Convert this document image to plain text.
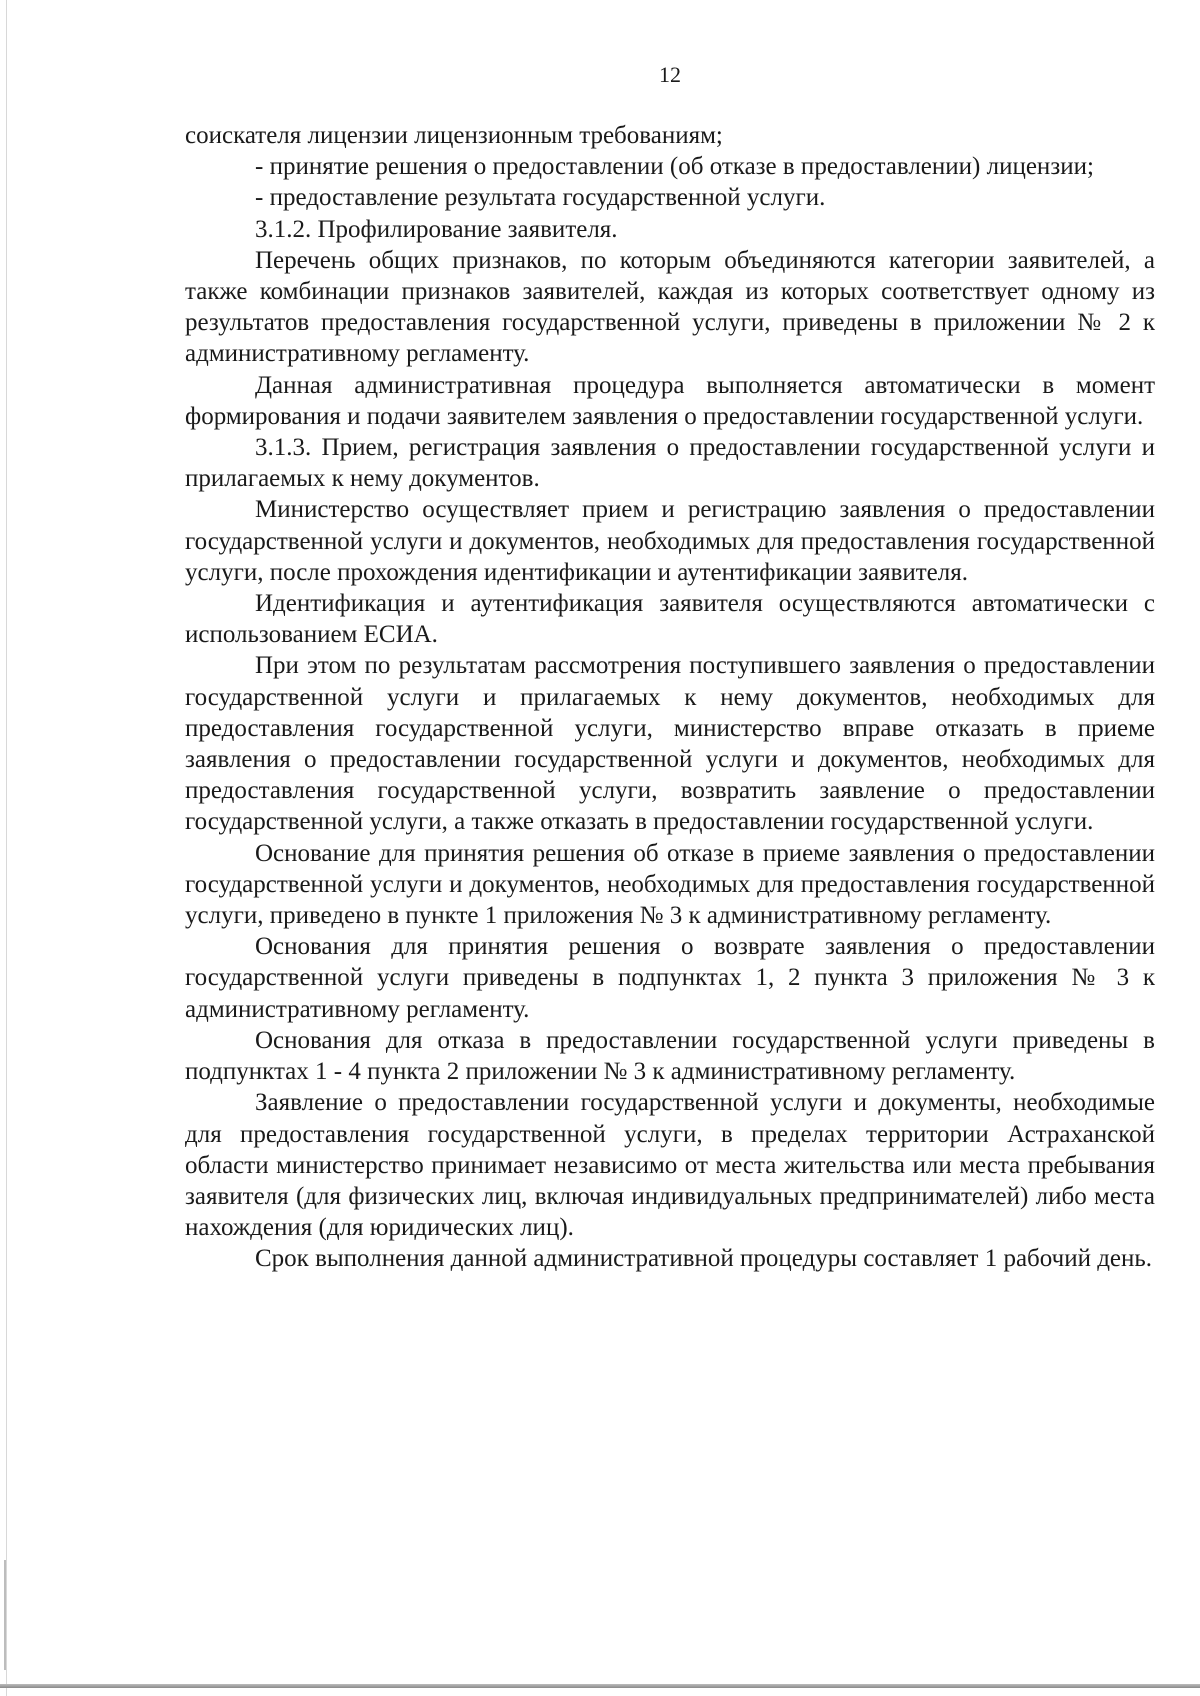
12

соискателя лицензии лицензионным требованиям;

- принятие решения о предоставлении (об отказе в предоставлении) лицензии;

- предоставление результата государственной услуги.

3.1.2. Профилирование заявителя.

Перечень общих признаков, по которым объединяются категории заявителей, а также комбинации признаков заявителей, каждая из которых соответствует одному из результатов предоставления государственной услуги, приведены в приложении № 2 к административному регламенту.

Данная административная процедура выполняется автоматически в момент формирования и подачи заявителем заявления о предоставлении государственной услуги.

3.1.3. Прием, регистрация заявления о предоставлении государственной услуги и прилагаемых к нему документов.

Министерство осуществляет прием и регистрацию заявления о предоставлении государственной услуги и документов, необходимых для предоставления государственной услуги, после прохождения идентификации и аутентификации заявителя.

Идентификация и аутентификация заявителя осуществляются автоматически с использованием ЕСИА.

При этом по результатам рассмотрения поступившего заявления о предоставлении государственной услуги и прилагаемых к нему документов, необходимых для предоставления государственной услуги, министерство вправе отказать в приеме заявления о предоставлении государственной услуги и документов, необходимых для предоставления государственной услуги, возвратить заявление о предоставлении государственной услуги, а также отказать в предоставлении государственной услуги.

Основание для принятия решения об отказе в приеме заявления о предоставлении государственной услуги и документов, необходимых для предоставления государственной услуги, приведено в пункте 1 приложения № 3 к административному регламенту.

Основания для принятия решения о возврате заявления о предоставлении государственной услуги приведены в подпунктах 1, 2 пункта 3 приложения № 3 к административному регламенту.

Основания для отказа в предоставлении государственной услуги приведены в подпунктах 1 - 4 пункта 2 приложении № 3 к административному регламенту.

Заявление о предоставлении государственной услуги и документы, необходимые для предоставления государственной услуги, в пределах территории Астраханской области министерство принимает независимо от места жительства или места пребывания заявителя (для физических лиц, включая индивидуальных предпринимателей) либо места нахождения (для юридических лиц).

Срок выполнения данной административной процедуры составляет 1 рабочий день.
